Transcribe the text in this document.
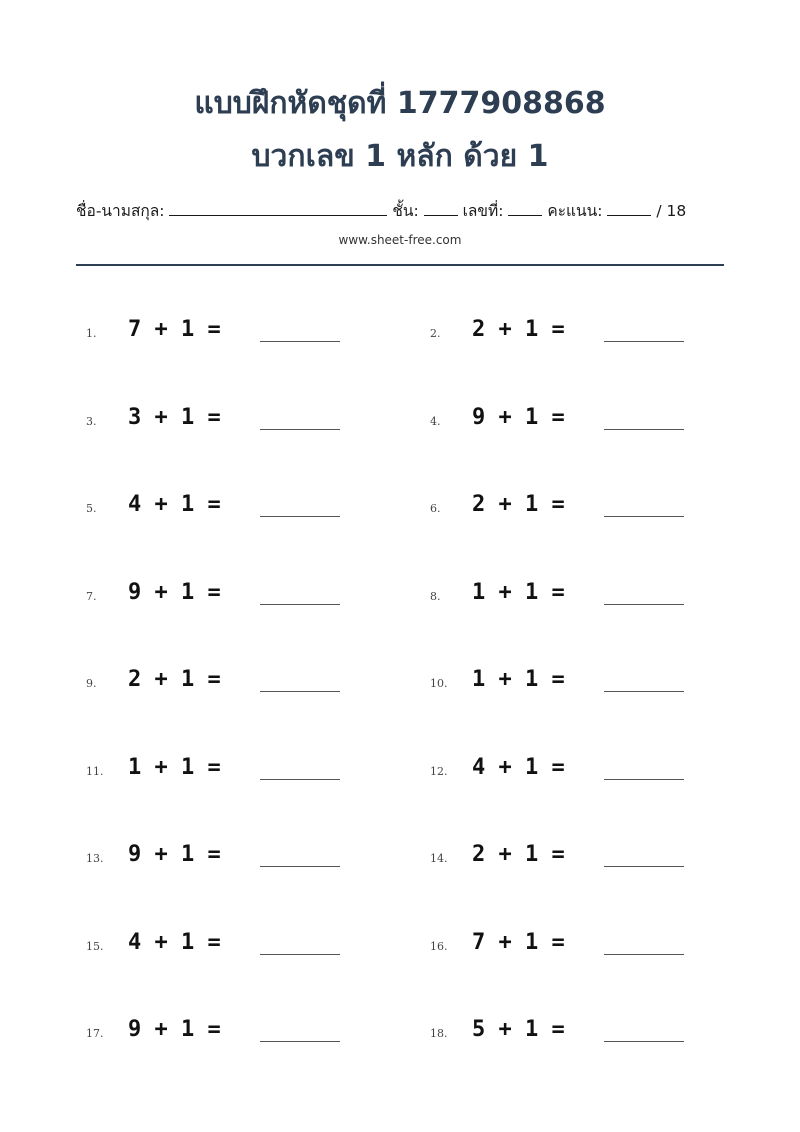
แบบฝึกหัดชุดที่ 1777908868
บวกเลข 1 หลัก ด้วย 1
ชื่อ-นามสกุล:	ชั้น:	เลขที่:	คะแนน:	/ 18
www.sheet-free.com
1. 7 + 1 =	2. 2 + 1 =
3. 3 + 1 =	4. 9 + 1 =
5. 4 + 1 =	6. 2 + 1 =
7. 9 + 1 =	8. 1 + 1 =
9. 2 + 1 =	10. 1 + 1 =
11. 1 + 1 =	12. 4 + 1 =
13. 9 + 1 =	14. 2 + 1 =
15. 4 + 1 =	16. 7 + 1 =
17. 9 + 1 =	18. 5 + 1 =
